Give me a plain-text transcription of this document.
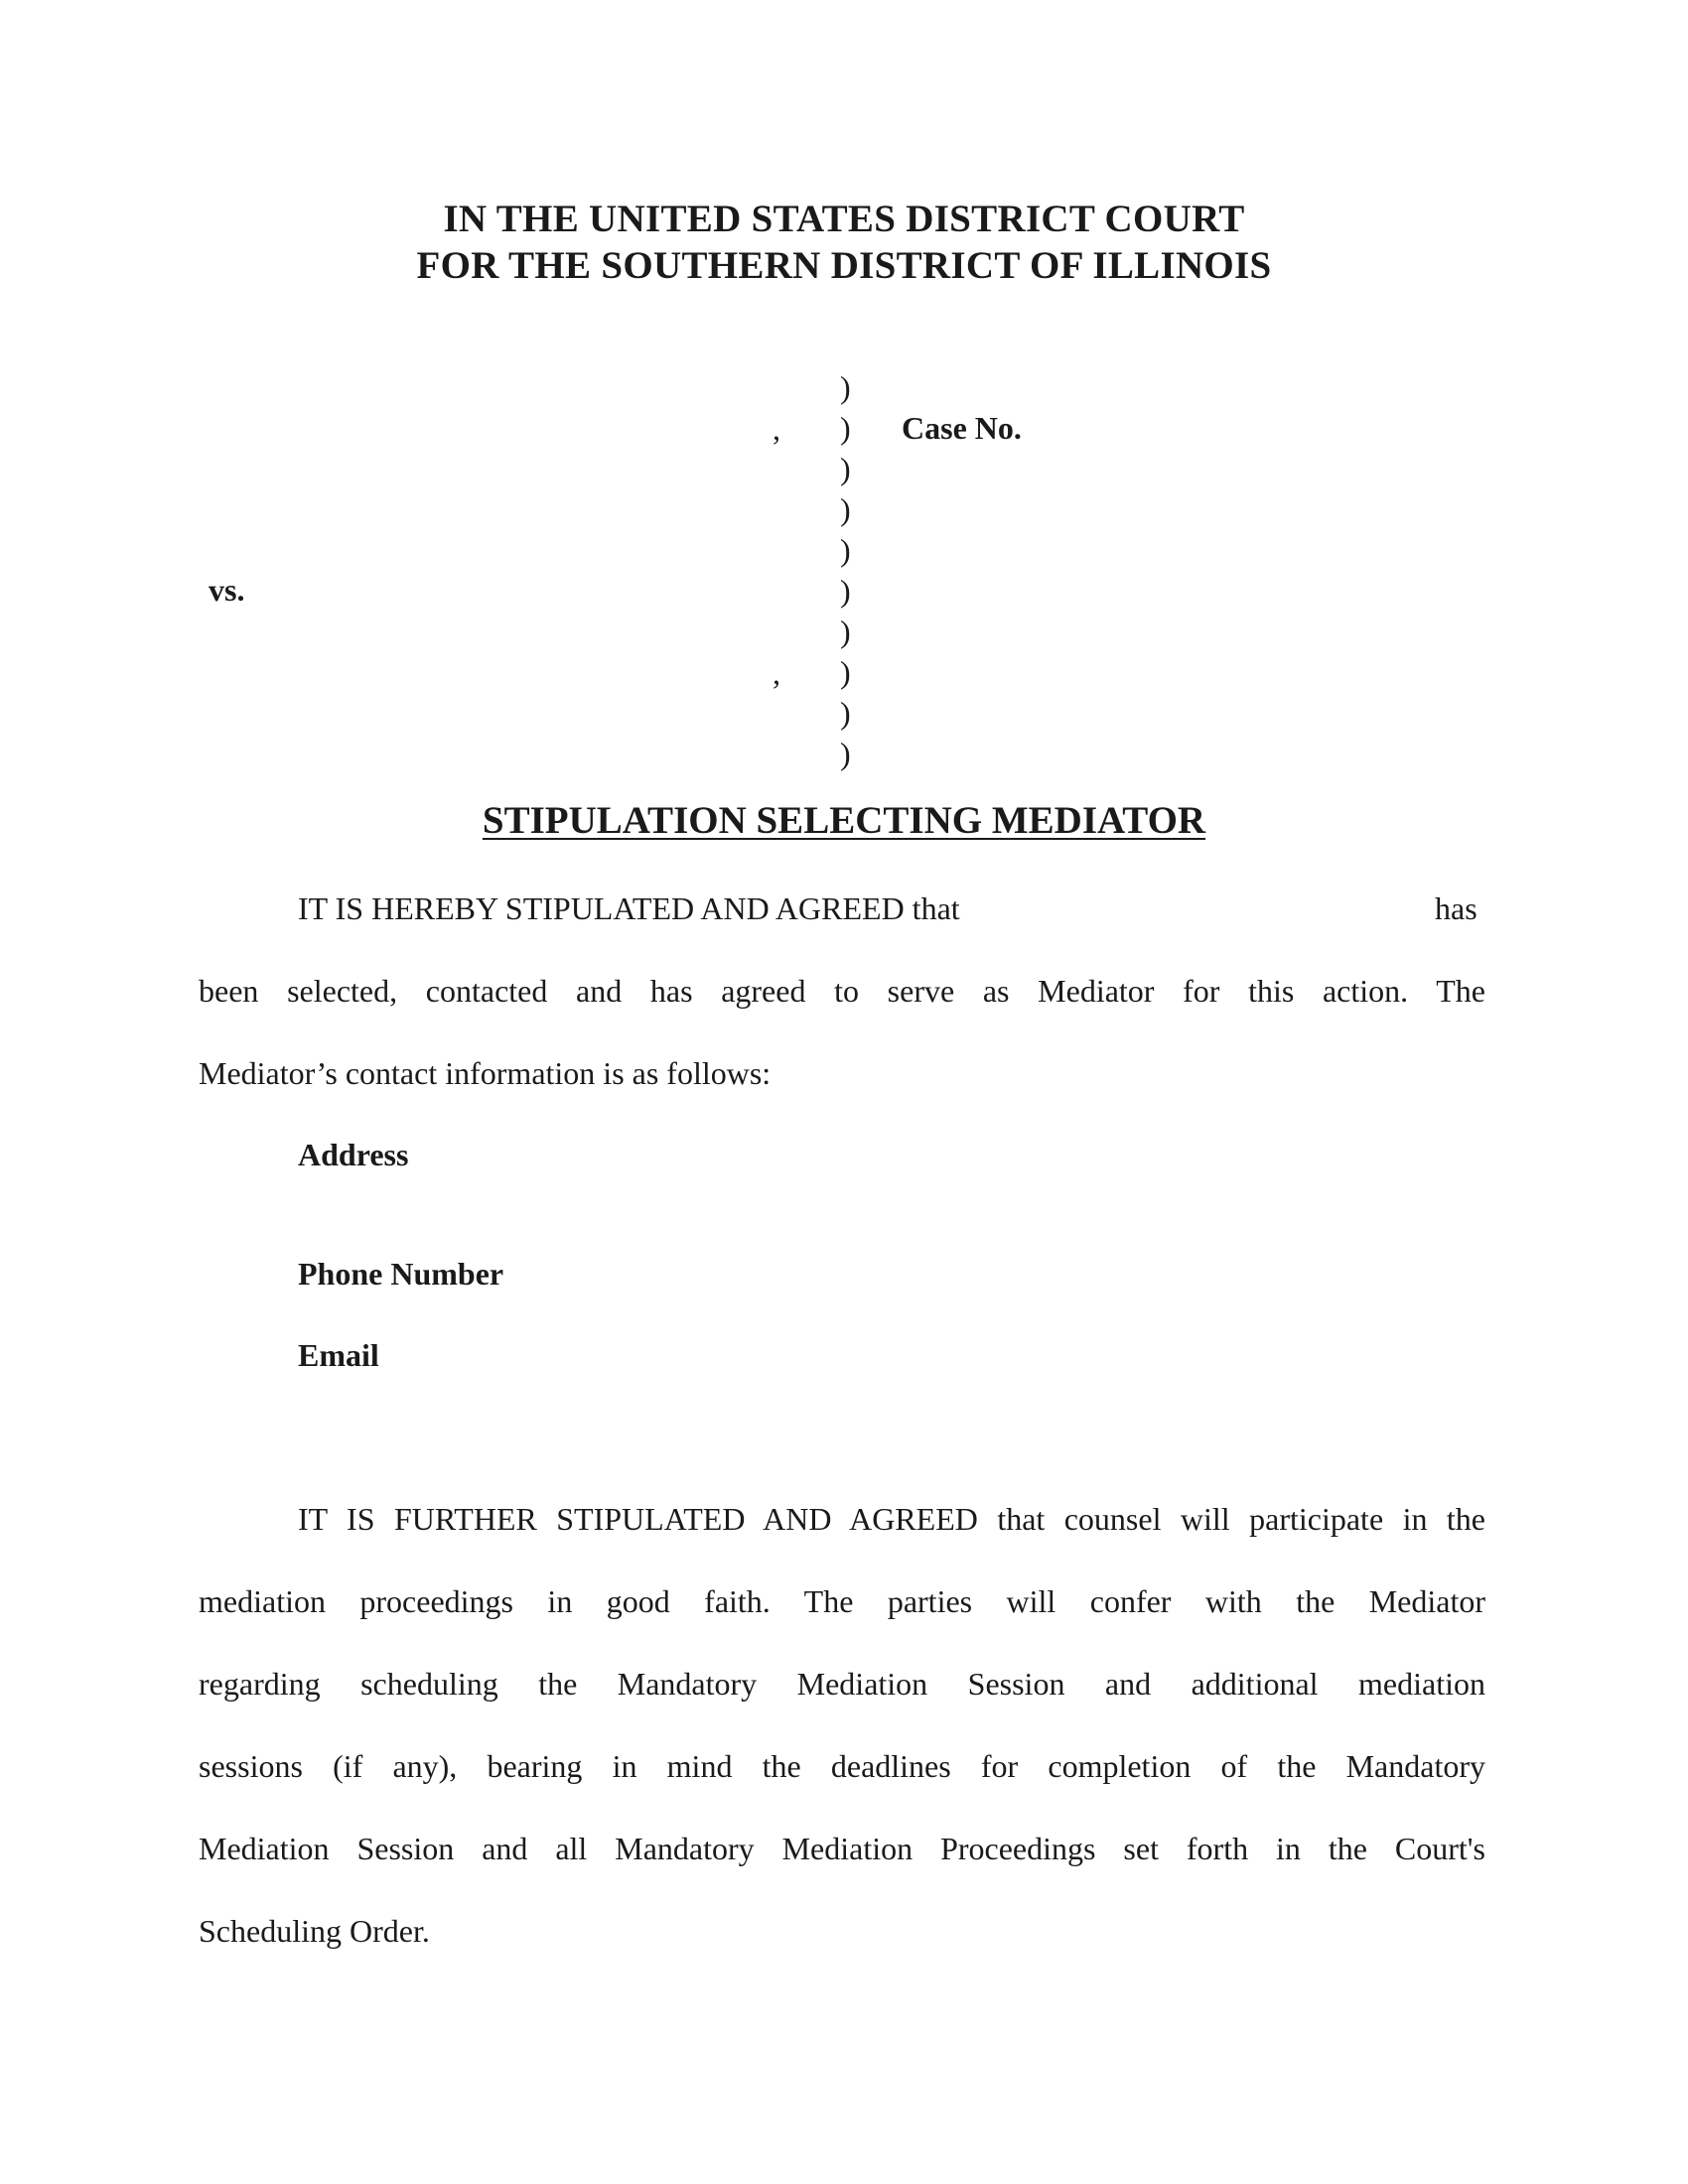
IN THE UNITED STATES DISTRICT COURT
FOR THE SOUTHERN DISTRICT OF ILLINOIS
)
)
)
)
)
)
)
)
)
)
,
,
Case No.
vs.
STIPULATION SELECTING MEDIATOR
IT IS HEREBY STIPULATED AND AGREED that	has
been selected, contacted and has agreed to serve as Mediator for this action. The
Mediator’s contact information is as follows:
Address
Phone Number
Email
IT IS FURTHER STIPULATED AND AGREED that counsel will participate in the
mediation proceedings in good faith. The parties will confer with the Mediator
regarding scheduling the Mandatory Mediation Session and additional mediation
sessions (if any), bearing in mind the deadlines for completion of the Mandatory
Mediation Session and all Mandatory Mediation Proceedings set forth in the Court's
Scheduling Order.
